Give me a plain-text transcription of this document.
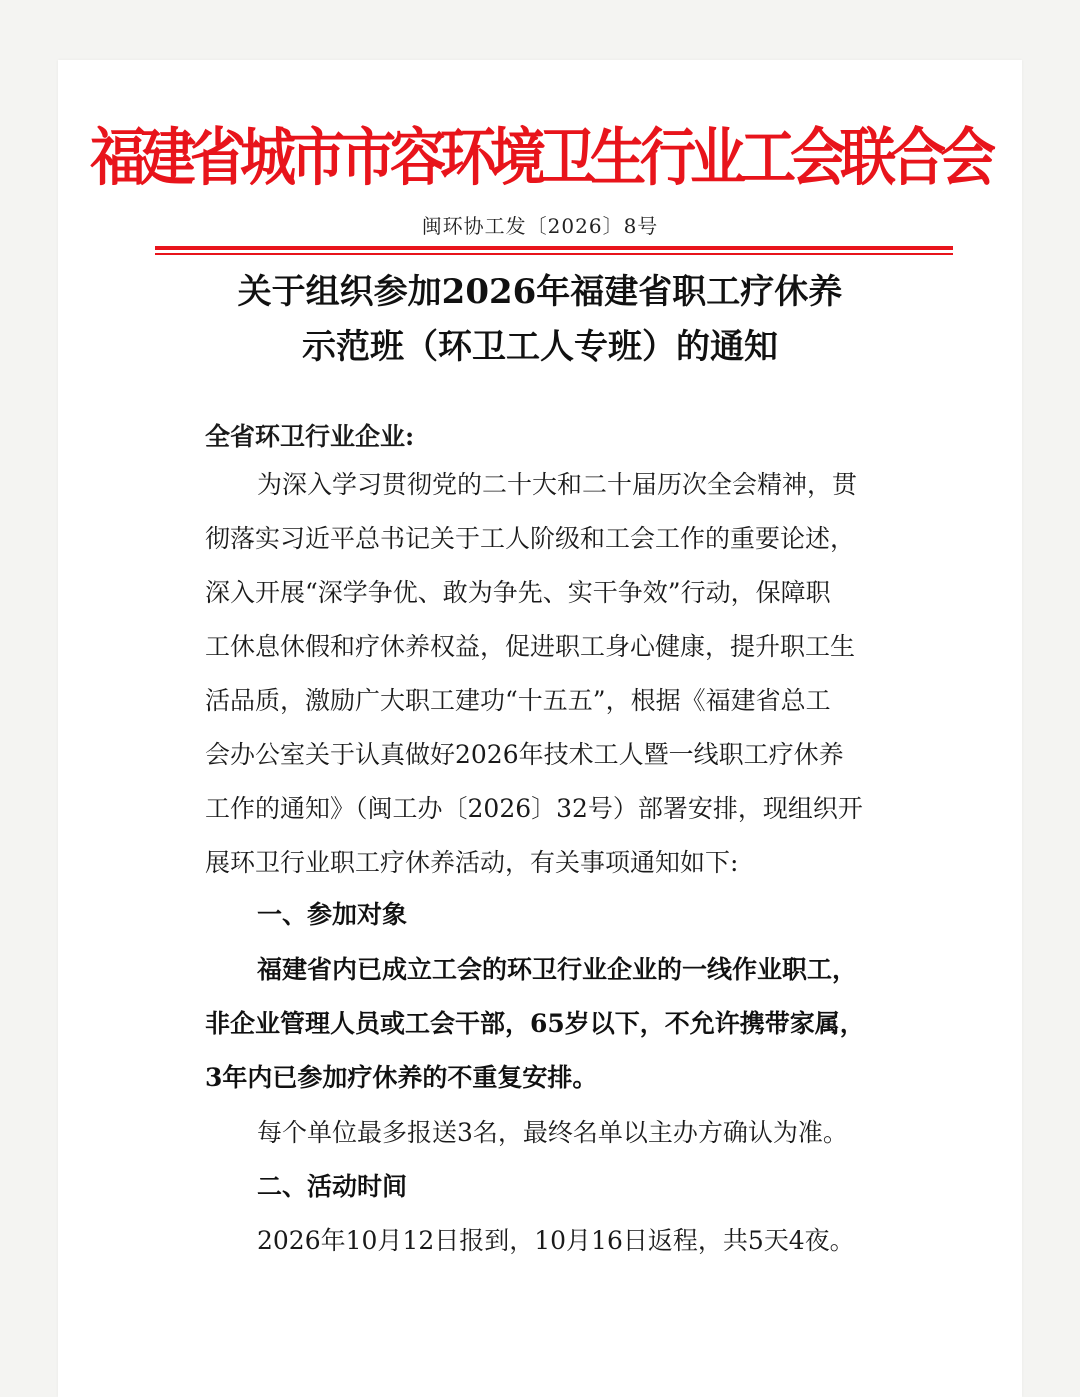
福建省城市市容环境卫生行业工会联合会
闽环协工发〔2026〕8号
关于组织参加2026年福建省职工疗休养
示范班（环卫工人专班）的通知
全省环卫行业企业:
为深入学习贯彻党的二十大和二十届历次全会精神，贯
彻落实习近平总书记关于工人阶级和工会工作的重要论述，
深入开展“深学争优、敢为争先、实干争效”行动，保障职
工休息休假和疗休养权益，促进职工身心健康，提升职工生
活品质，激励广大职工建功“十五五”，根据《福建省总工
会办公室关于认真做好2026年技术工人暨一线职工疗休养
工作的通知》（闽工办〔2026〕32号）部署安排，现组织开
展环卫行业职工疗休养活动，有关事项通知如下:
一、参加对象
福建省内已成立工会的环卫行业企业的一线作业职工，
非企业管理人员或工会干部，65岁以下，不允许携带家属，
3年内已参加疗休养的不重复安排。
每个单位最多报送3名，最终名单以主办方确认为准。
二、活动时间
2026年10月12日报到，10月16日返程，共5天4夜。
